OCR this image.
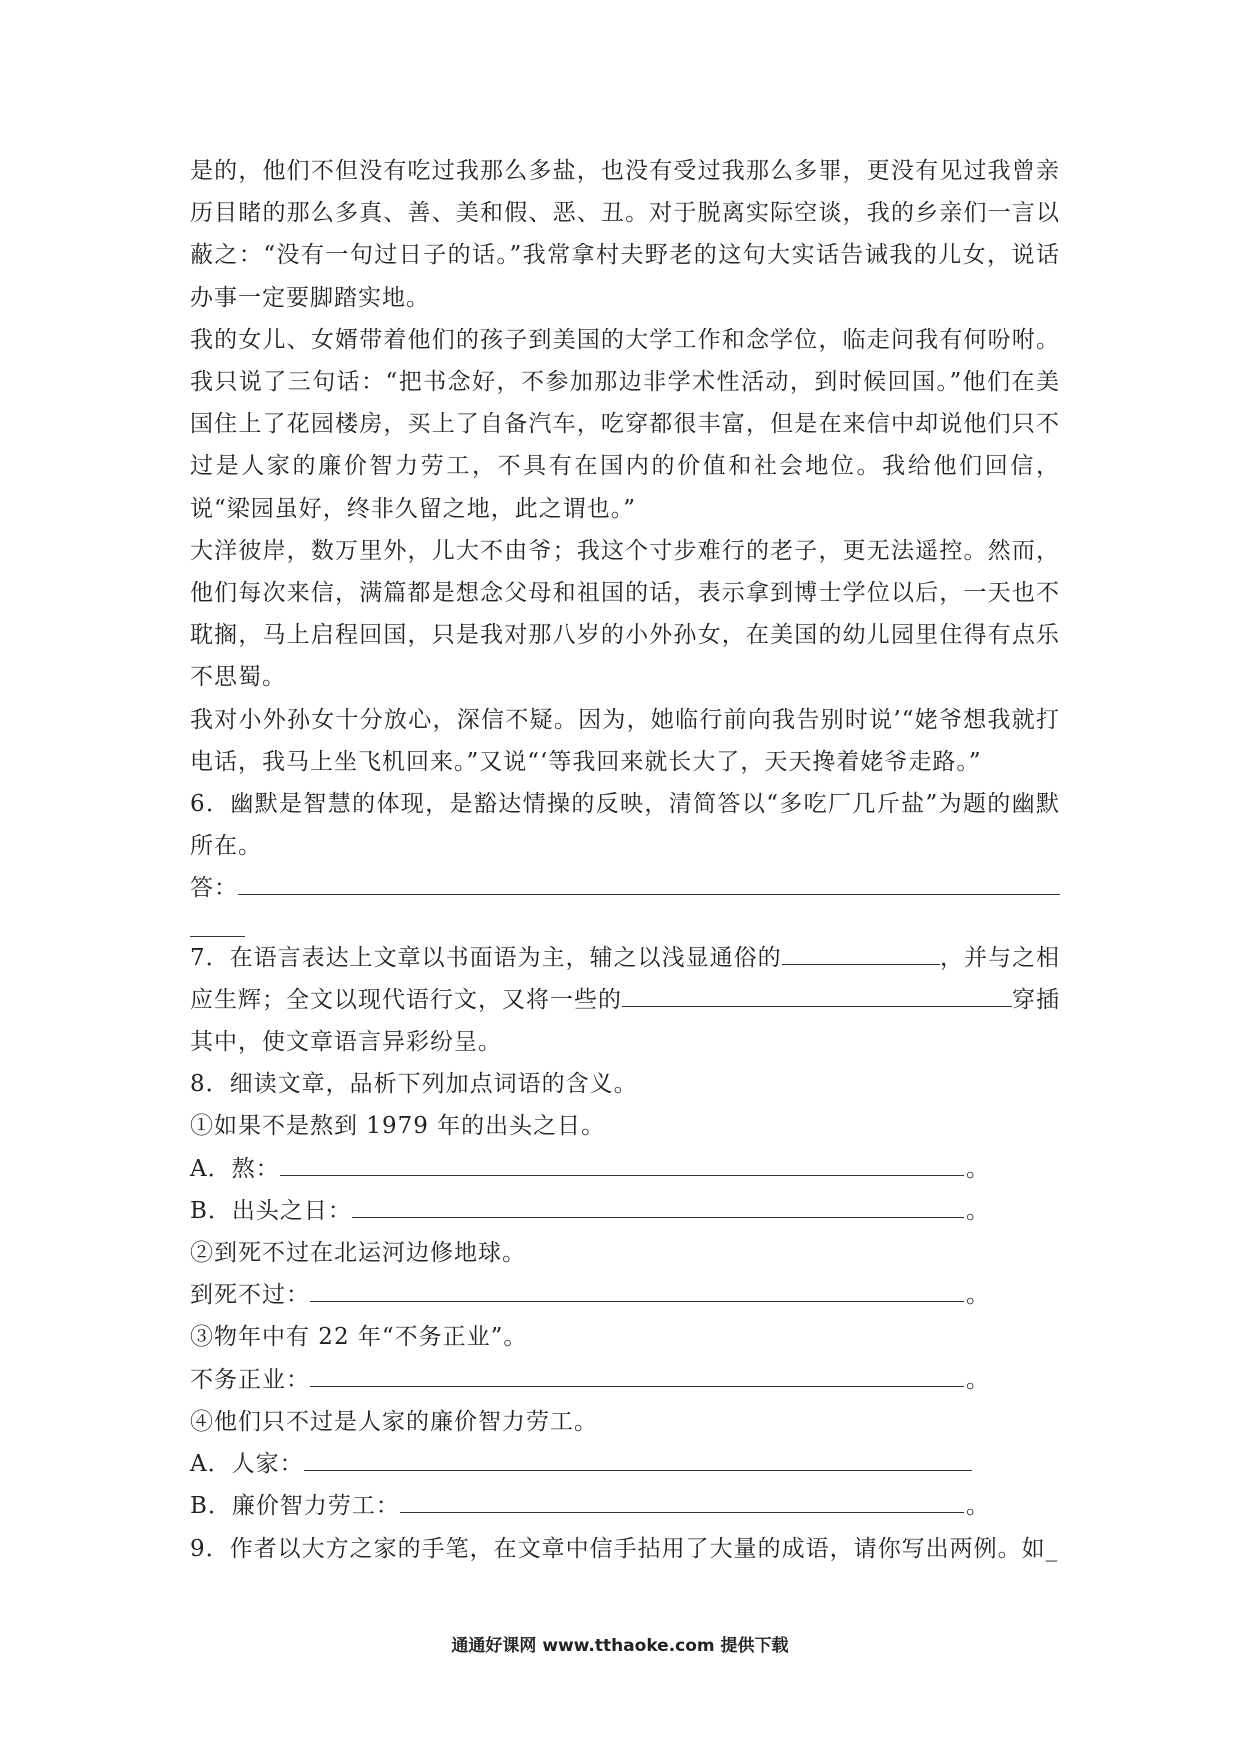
是的，他们不但没有吃过我那么多盐，也没有受过我那么多罪，更没有见过我曾亲历目睹的那么多真、善、美和假、恶、丑。对于脱离实际空谈，我的乡亲们一言以蔽之：“没有一句过日子的话。”我常拿村夫野老的这句大实话告诫我的儿女，说话办事一定要脚踏实地。

我的女儿、女婿带着他们的孩子到美国的大学工作和念学位，临走问我有何吩咐。我只说了三句话：“把书念好，不参加那边非学术性活动，到时候回国。”他们在美国住上了花园楼房，买上了自备汽车，吃穿都很丰富，但是在来信中却说他们只不过是人家的廉价智力劳工，不具有在国内的价值和社会地位。我给他们回信，说“梁园虽好，终非久留之地，此之谓也。”

大洋彼岸，数万里外，儿大不由爷；我这个寸步难行的老子，更无法遥控。然而，他们每次来信，满篇都是想念父母和祖国的话，表示拿到博士学位以后，一天也不耽搁，马上启程回国，只是我对那八岁的小外孙女，在美国的幼儿园里住得有点乐不思蜀。

我对小外孙女十分放心，深信不疑。因为，她临行前向我告别时说’“姥爷想我就打电话，我马上坐飞机回来。”又说“‘等我回来就长大了，天天搀着姥爷走路。”

6．幽默是智慧的体现，是豁达情操的反映，清简答以“多吃厂几斤盐”为题的幽默所在。

答：
7．在语言表达上文章以书面语为主，辅之以浅显通俗的	，并与之相
应生辉；全文以现代语行文，又将一些的	穿插

其中，使文章语言异彩纷呈。

8．细读文章，品析下列加点词语的含义。

①如果不是熬到 1979 年的出头之日。

A．熬：	。
B．出头之日：	。

②到死不过在北运河边修地球。

到死不过：	。

③物年中有 22 年“不务正业”。

不务正业：	。

④他们只不过是人家的廉价智力劳工。

A．人家：
B．廉价智力劳工：	。

9．作者以大方之家的手笔，在文章中信手拈用了大量的成语，请你写出两例。如_

通通好课网 www.tthaoke.com 提供下载
